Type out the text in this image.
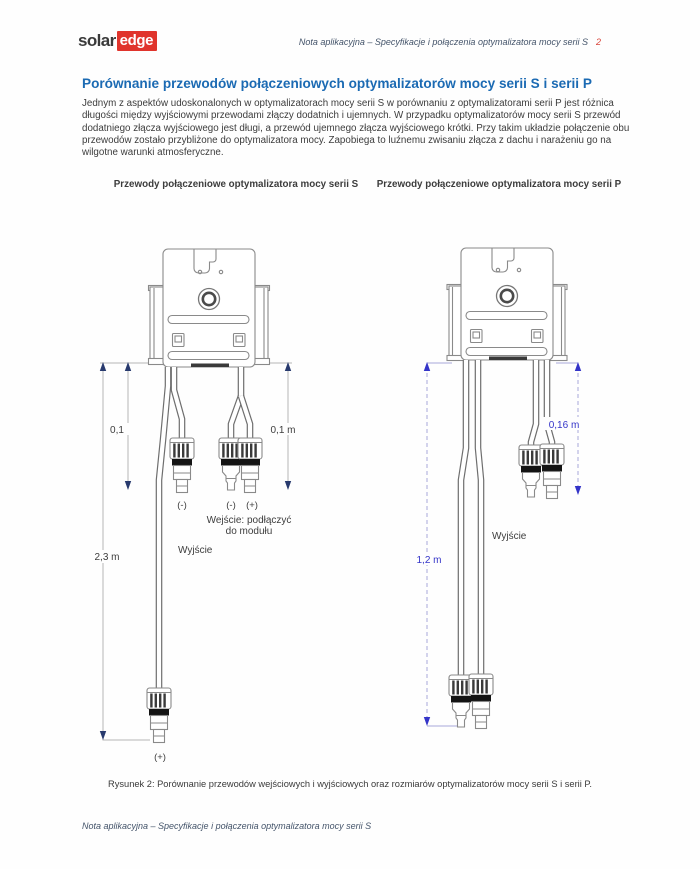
solar edge	Nota aplikacyjna – Specyfikacje i połączenia optymalizatora mocy serii S 2
Porównanie przewodów połączeniowych optymalizatorów mocy serii S i serii P
Jednym z aspektów udoskonalonych w optymalizatorach mocy serii S w porównaniu z optymalizatorami serii P jest różnica długości między wyjściowymi przewodami złączy dodatnich i ujemnych. W przypadku optymalizatorów mocy serii S przewód dodatniego złącza wyjściowego jest długi, a przewód ujemnego złącza wyjściowego krótki. Przy takim układzie połączenie obu przewodów zostało przybliżone do optymalizatora mocy. Zapobiega to luźnemu zwisaniu złącza z dachu i narażeniu go na wilgotne warunki atmosferyczne.
Przewody połączeniowe optymalizatora mocy serii S	Przewody połączeniowe optymalizatora mocy serii P
0,1	0,1 m
2,3 m
(-)	(-) (+)
Wejście: podłączyć
do modułu
Wyjście
(+)
0,16 m
1,2 m
Wyjście
Rysunek 2: Porównanie przewodów wejściowych i wyjściowych oraz rozmiarów optymalizatorów mocy serii S i serii P.
Nota aplikacyjna – Specyfikacje i połączenia optymalizatora mocy serii S
